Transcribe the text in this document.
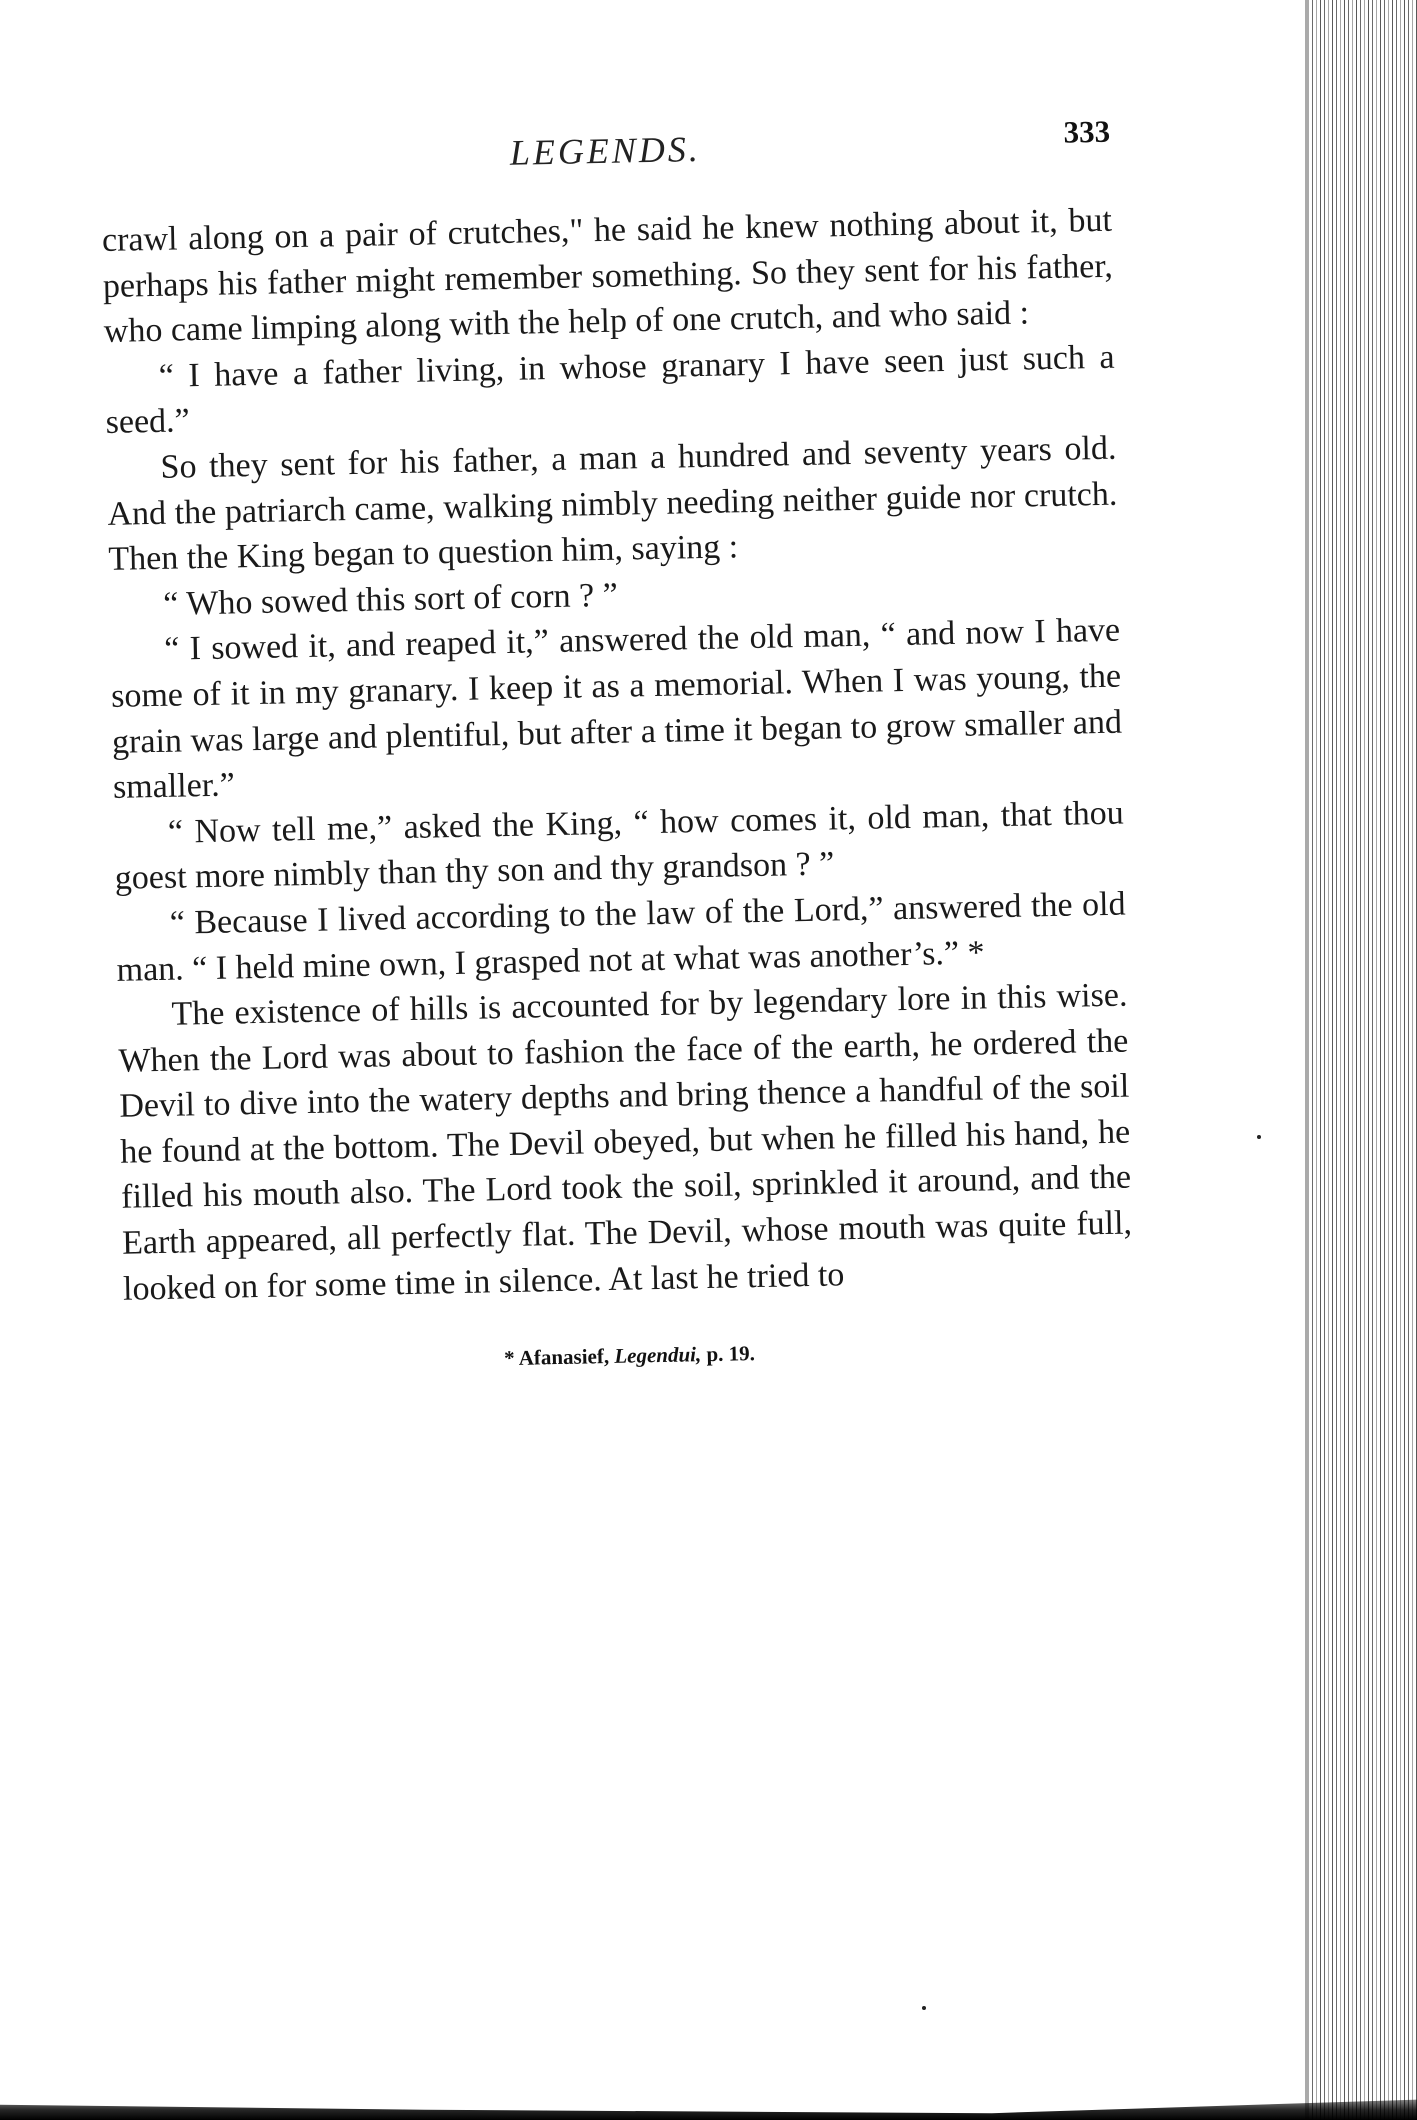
LEGENDS.	333

crawl along on a pair of crutches," he said he knew nothing about it, but perhaps his father might remember something. So they sent for his father, who came limping along with the help of one crutch, and who said :

“ I have a father living, in whose granary I have seen just such a seed.”

So they sent for his father, a man a hundred and seventy years old. And the patriarch came, walking nimbly needing neither guide nor crutch. Then the King began to question him, saying :

“ Who sowed this sort of corn ? ”

“ I sowed it, and reaped it,” answered the old man, “ and now I have some of it in my granary. I keep it as a memorial. When I was young, the grain was large and plentiful, but after a time it began to grow smaller and smaller.”

“ Now tell me,” asked the King, “ how comes it, old man, that thou goest more nimbly than thy son and thy grandson ? ”

“ Because I lived according to the law of the Lord,” answered the old man. “ I held mine own, I grasped not at what was another’s.” *

The existence of hills is accounted for by legendary lore in this wise. When the Lord was about to fashion the face of the earth, he ordered the Devil to dive into the watery depths and bring thence a handful of the soil he found at the bottom. The Devil obeyed, but when he filled his hand, he filled his mouth also. The Lord took the soil, sprinkled it around, and the Earth appeared, all perfectly flat. The Devil, whose mouth was quite full, looked on for some time in silence. At last he tried to

* Afanasief, Legendui, p. 19.
